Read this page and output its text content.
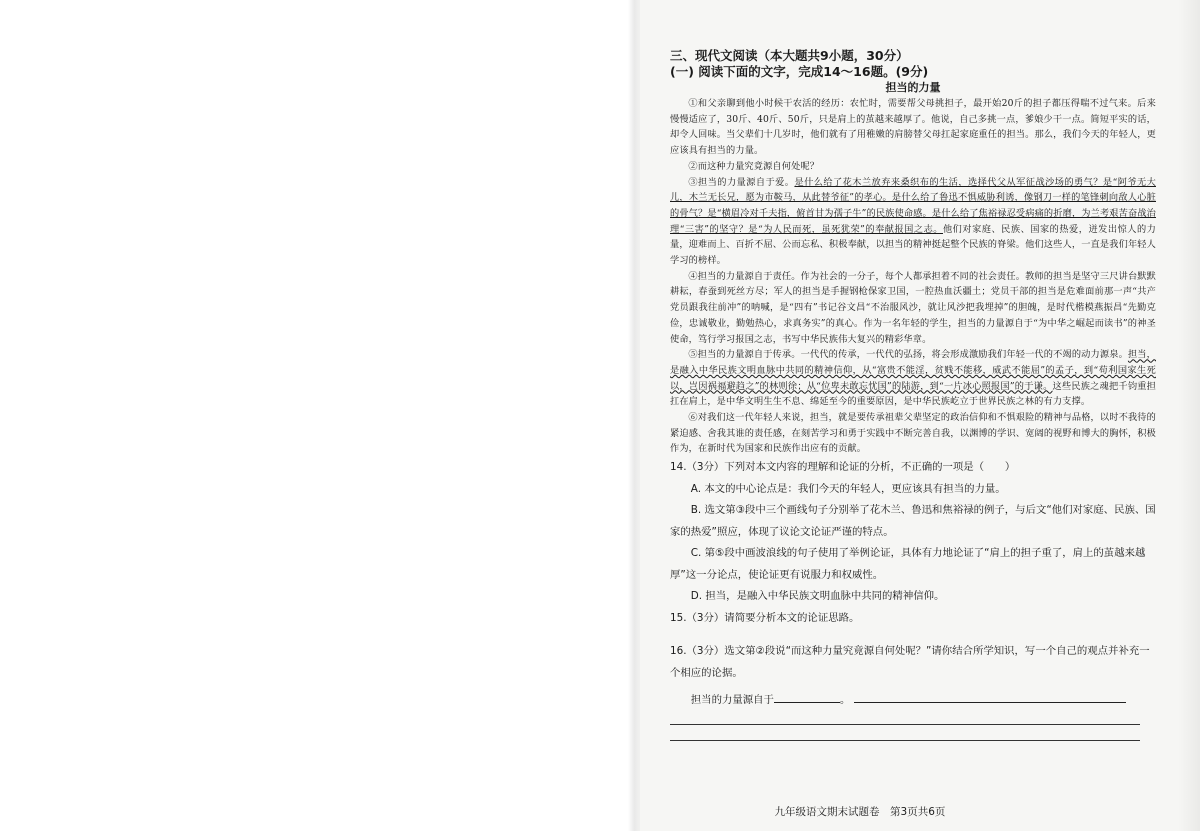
三、现代文阅读（本大题共9小题，30分）

(一) 阅读下面的文字，完成14～16题。(9分)

担当的力量

①和父亲聊到他小时候干农活的经历：农忙时，需要帮父母挑担子，最开始20斤的担子都压得喘不过气来。后来慢慢适应了，30斤、40斤、50斤，只是肩上的茧越来越厚了。他说，自己多挑一点，爹娘少干一点。简短平实的话，却令人回味。当父辈们十几岁时，他们就有了用稚嫩的肩膀替父母扛起家庭重任的担当。那么，我们今天的年轻人，更应该具有担当的力量。

②而这种力量究竟源自何处呢？

③担当的力量源自于爱。是什么给了花木兰放弃来桑织布的生活，选择代父从军征战沙场的勇气？是“阿爷无大儿，木兰无长兄，愿为市鞍马，从此替爷征”的孝心。是什么给了鲁迅不惧威胁利诱，像钢刀一样的笔锋刺向敌人心脏的骨气？是“横眉冷对千夫指，俯首甘为孺子牛”的民族使命感。是什么给了焦裕禄忍受病痛的折磨，为兰考艰苦奋战治理“三害”的坚守？是“为人民而死，虽死犹荣”的奉献报国之志。他们对家庭、民族、国家的热爱，迸发出惊人的力量，迎难而上、百折不屈、公而忘私、积极奉献，以担当的精神挺起整个民族的脊梁。他们这些人，一直是我们年轻人学习的榜样。

④担当的力量源自于责任。作为社会的一分子，每个人都承担着不同的社会责任。教师的担当是坚守三尺讲台默默耕耘，春蚕到死丝方尽；军人的担当是手握钢枪保家卫国，一腔热血沃疆土；党员干部的担当是危难面前那一声“共产党员跟我往前冲”的呐喊，是“四有”书记谷文昌“不治服风沙，就让风沙把我埋掉”的胆魄，是时代楷模燕振昌“先勤克俭，忠诚敬业，勤勉热心，求真务实”的真心。作为一名年轻的学生，担当的力量源自于“为中华之崛起而读书”的神圣使命，笃行学习报国之志，书写中华民族伟大复兴的精彩华章。

⑤担当的力量源自于传承。一代代的传承，一代代的弘扬，将会形成激励我们年轻一代的不竭的动力源泉。担当，是融入中华民族文明血脉中共同的精神信仰，从“富贵不能淫，贫贱不能移，威武不能屈”的孟子，到“苟利国家生死以，岂因祸福避趋之”的林则徐；从“位卑未敢忘忧国”的陆游，到“一片冰心照报国”的于谦。这些民族之魂把千钧重担扛在肩上，是中华文明生生不息、绵延至今的重要原因，是中华民族屹立于世界民族之林的有力支撑。

⑥对我们这一代年轻人来说，担当，就是要传承祖辈父辈坚定的政治信仰和不惧艰险的精神与品格，以时不我待的紧迫感、舍我其谁的责任感，在刻苦学习和勇于实践中不断完善自我，以渊博的学识、宽阔的视野和博大的胸怀，积极作为，在新时代为国家和民族作出应有的贡献。

14.（3分）下列对本文内容的理解和论证的分析，不正确的一项是（　　）

A. 本文的中心论点是：我们今天的年轻人，更应该具有担当的力量。

B. 选文第③段中三个画线句子分别举了花木兰、鲁迅和焦裕禄的例子，与后文“他们对家庭、民族、国家的热爱”照应，体现了议论文论证严谨的特点。

C. 第⑤段中画波浪线的句子使用了举例论证，具体有力地论证了“肩上的担子重了，肩上的茧越来越厚”这一分论点，使论证更有说服力和权威性。

D. 担当，是融入中华民族文明血脉中共同的精神信仰。

15.（3分）请简要分析本文的论证思路。

16.（3分）选文第②段说“而这种力量究竟源自何处呢？”请你结合所学知识，写一个自己的观点并补充一个相应的论据。

担当的力量源自于	。

九年级语文期末试题卷　第3页共6页
